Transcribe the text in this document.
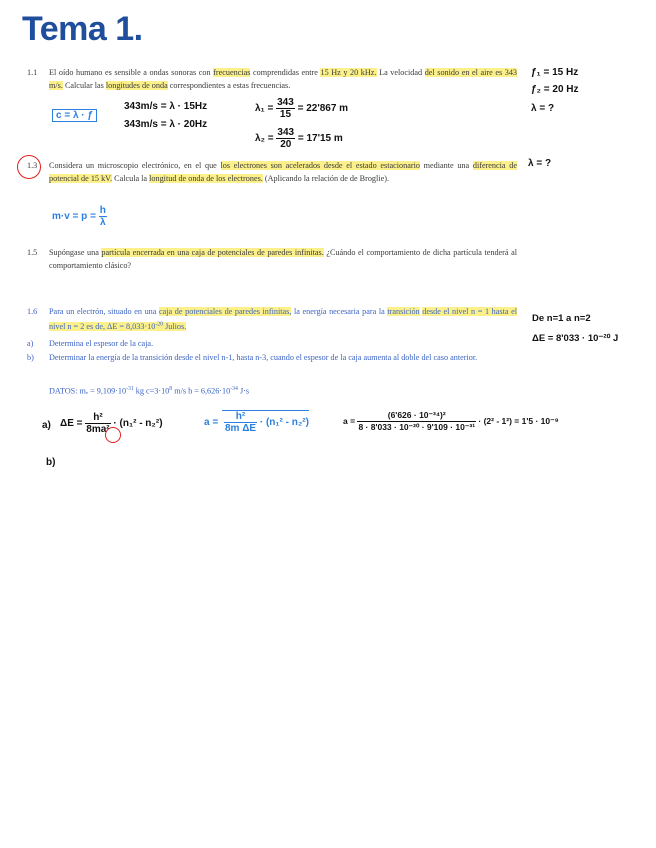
Tema 1.
1.1 El oído humano es sensible a ondas sonoras con frecuencias comprendidas entre 15 Hz y 20 kHz. La velocidad del sonido en el aire es 343 m/s. Calcular las longitudes de onda correspondientes a estas frecuencias.
c = λ · ƒ
343m/s = λ · 15Hz
343m/s = λ · 20Hz
$\lambda_1 = \frac{343}{15} = 22'867$ m
$\lambda_2 = \frac{343}{20} = 17'15$ m
ƒ₁ = 15 Hz
ƒ₂ = 20 Hz
λ = ?
1.3 Considera un microscopio electrónico, en el que los electrones son acelerados desde el estado estacionario mediante una diferencia de potencial de 15 kV. Calcula la longitud de onda de los electrones. (Aplicando la relación de de Broglie).
$m\cdot v = p = \frac{h}{\lambda}$
λ = ?
1.5 Supóngase una partícula encerrada en una caja de potenciales de paredes infinitas. ¿Cuándo el comportamiento de dicha partícula tenderá al comportamiento clásico?
1.6 Para un electrón, situado en una caja de potenciales de paredes infinitas, la energía necesaria para la transición desde el nivel n = 1 hasta el nivel n = 2 es de, $\Delta E = 8,033\cdot 10^{-20}$ Julios.
a) Determina el espesor de la caja.
b) Determinar la energía de la transición desde el nivel n-1, hasta n-3, cuando el espesor de la caja aumenta al doble del caso anterior.
DATOS: $m_e = 9,109\cdot 10^{-31}$ kg $c=3\cdot 10^8$ m/s $h = 6,626\cdot 10^{-34}$ J·s
De n=1 a n=2
ΔE = 8'033 · 10⁻²⁰ J
a) $\Delta E = \frac{\text{h²}}{\text{8ma²}} \cdot (n_1^2 - n_2^2)$	$a = \frac{\text{h²}}{\text{8m ΔE}} \cdot (n_1^2 - n_2^2)$	$a = \frac{\text{(6'626 · 10⁻³⁴)²}}{\text{8 · 8'033 · 10⁻²⁰ · 9'109 · 10⁻³¹}} \cdot (2^2 - 1^2) = 1'5 \cdot 10^{-9}$
b)
